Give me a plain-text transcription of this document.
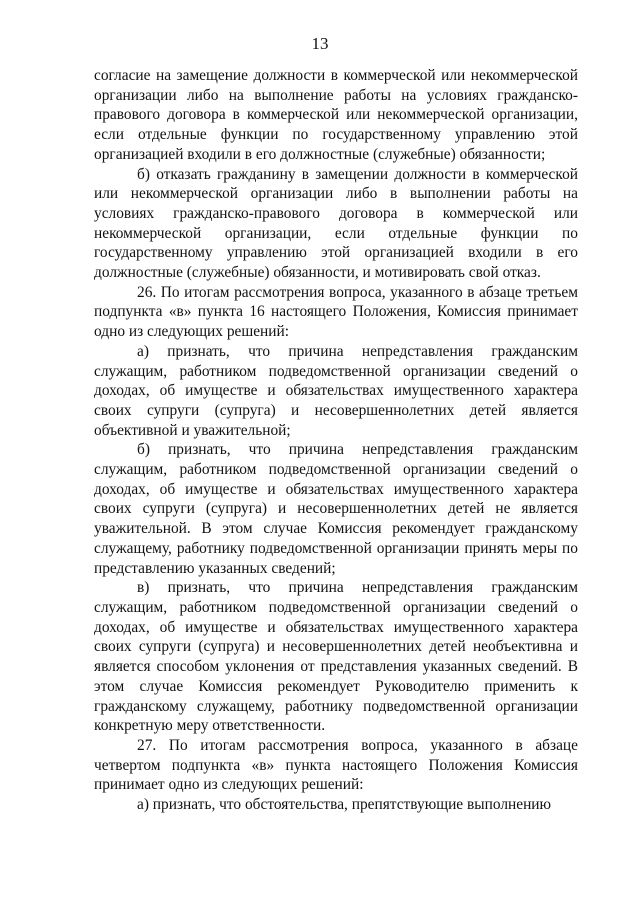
13

согласие на замещение должности в коммерческой или некоммерческой организации либо на выполнение работы на условиях гражданско-правового договора в коммерческой или некоммерческой организации, если отдельные функции по государственному управлению этой организацией входили в его должностные (служебные) обязанности;

б) отказать гражданину в замещении должности в коммерческой или некоммерческой организации либо в выполнении работы на условиях гражданско-правового договора в коммерческой или некоммерческой организации, если отдельные функции по государственному управлению этой организацией входили в его должностные (служебные) обязанности, и мотивировать свой отказ.

26. По итогам рассмотрения вопроса, указанного в абзаце третьем подпункта «в» пункта 16 настоящего Положения, Комиссия принимает одно из следующих решений:

а) признать, что причина непредставления гражданским служащим, работником подведомственной организации сведений о доходах, об имуществе и обязательствах имущественного характера своих супруги (супруга) и несовершеннолетних детей является объективной и уважительной;

б) признать, что причина непредставления гражданским служащим, работником подведомственной организации сведений о доходах, об имуществе и обязательствах имущественного характера своих супруги (супруга) и несовершеннолетних детей не является уважительной. В этом случае Комиссия рекомендует гражданскому служащему, работнику подведомственной организации принять меры по представлению указанных сведений;

в) признать, что причина непредставления гражданским служащим, работником подведомственной организации сведений о доходах, об имуществе и обязательствах имущественного характера своих супруги (супруга) и несовершеннолетних детей необъективна и является способом уклонения от представления указанных сведений. В этом случае Комиссия рекомендует Руководителю применить к гражданскому служащему, работнику подведомственной организации конкретную меру ответственности.

27. По итогам рассмотрения вопроса, указанного в абзаце четвертом подпункта «в» пункта настоящего Положения Комиссия принимает одно из следующих решений:

а) признать, что обстоятельства, препятствующие выполнению
